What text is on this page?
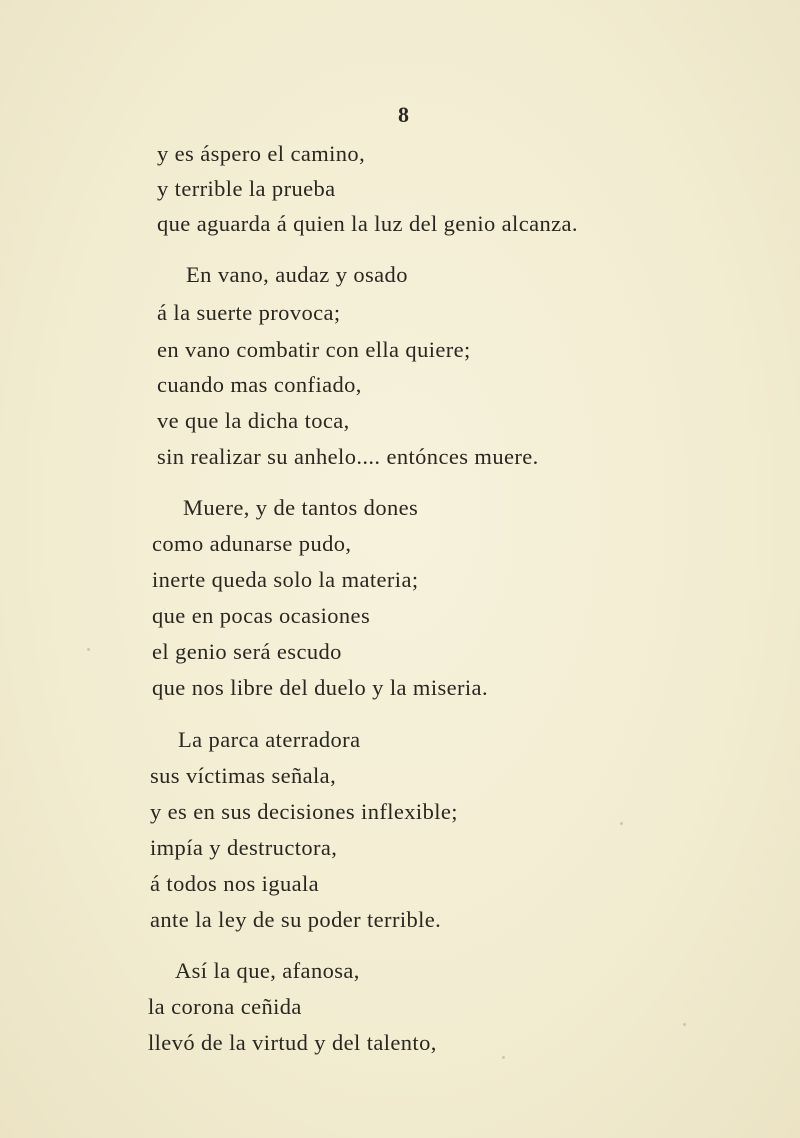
8
y es áspero el camino,
y terrible la prueba
que aguarda á quien la luz del genio alcanza.
En vano, audaz y osado
á la suerte provoca;
en vano combatir con ella quiere;
cuando mas confiado,
ve que la dicha toca,
sin realizar su anhelo.... entónces muere.
Muere, y de tantos dones
como adunarse pudo,
inerte queda solo la materia;
que en pocas ocasiones
el genio será escudo
que nos libre del duelo y la miseria.
La parca aterradora
sus víctimas señala,
y es en sus decisiones inflexible;
impía y destructora,
á todos nos iguala
ante la ley de su poder terrible.
Así la que, afanosa,
la corona ceñida
llevó de la virtud y del talento,
